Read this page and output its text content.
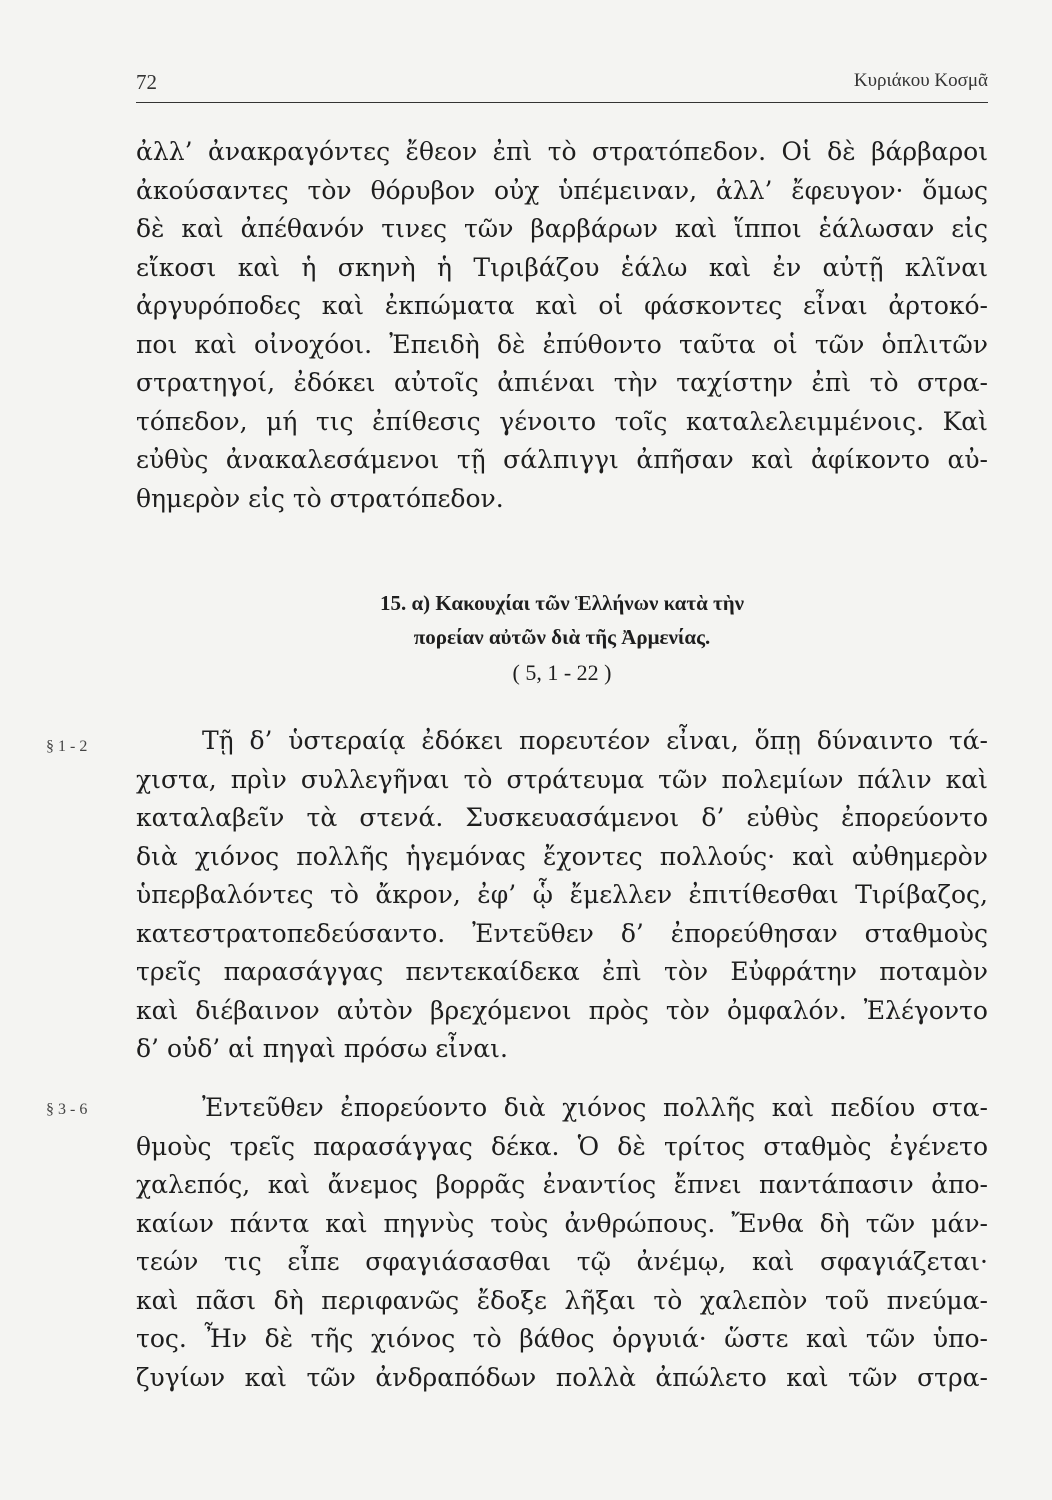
72	Κυριάκου Κοσμᾶ
ἀλλ’ ἀνακραγόντες ἔθεον ἐπὶ τὸ στρατόπεδον. Οἱ δὲ βάρβαροι
ἀκούσαντες τὸν θόρυβον οὐχ ὑπέμειναν, ἀλλ’ ἔφευγον· ὅμως
δὲ καὶ ἀπέθανόν τινες τῶν βαρβάρων καὶ ἵπποι ἑάλωσαν εἰς
εἴκοσι καὶ ἡ σκηνὴ ἡ Τιριβάζου ἑάλω καὶ ἐν αὐτῇ κλῖναι
ἀργυρόποδες καὶ ἐκπώματα καὶ οἱ φάσκοντες εἶναι ἀρτοκό-
ποι καὶ οἰνοχόοι. Ἐπειδὴ δὲ ἐπύθοντο ταῦτα οἱ τῶν ὁπλιτῶν
στρατηγοί, ἐδόκει αὐτοῖς ἀπιέναι τὴν ταχίστην ἐπὶ τὸ στρα-
τόπεδον, μή τις ἐπίθεσις γένοιτο τοῖς καταλελειμμένοις. Καὶ
εὐθὺς ἀνακαλεσάμενοι τῇ σάλπιγγι ἀπῆσαν καὶ ἀφίκοντο αὐ-
θημερὸν εἰς τὸ στρατόπεδον.
15. α) Κακουχίαι τῶν Ἑλλήνων κατὰ τὴν
πορείαν αὐτῶν διὰ τῆς Ἀρμενίας.
( 5, 1 - 22 )
§ 1 - 2	Τῇ δ’ ὑστεραίᾳ ἐδόκει πορευτέον εἶναι, ὅπῃ δύναιντο τά-
χιστα, πρὶν συλλεγῆναι τὸ στράτευμα τῶν πολεμίων πάλιν καὶ
καταλαβεῖν τὰ στενά. Συσκευασάμενοι δ’ εὐθὺς ἐπορεύοντο
διὰ χιόνος πολλῆς ἡγεμόνας ἔχοντες πολλούς· καὶ αὐθημερὸν
ὑπερβαλόντες τὸ ἄκρον, ἐφ’ ᾧ ἔμελλεν ἐπιτίθεσθαι Τιρίβαζος,
κατεστρατοπεδεύσαντο. Ἐντεῦθεν δ’ ἐπορεύθησαν σταθμοὺς
τρεῖς παρασάγγας πεντεκαίδεκα ἐπὶ τὸν Εὐφράτην ποταμὸν
καὶ διέβαινον αὐτὸν βρεχόμενοι πρὸς τὸν ὀμφαλόν. Ἐλέγοντο
δ’ οὐδ’ αἱ πηγαὶ πρόσω εἶναι.
§ 3 - 6	Ἐντεῦθεν ἐπορεύοντο διὰ χιόνος πολλῆς καὶ πεδίου στα-
θμοὺς τρεῖς παρασάγγας δέκα. Ὁ δὲ τρίτος σταθμὸς ἐγένετο
χαλεπός, καὶ ἄνεμος βορρᾶς ἐναντίος ἔπνει παντάπασιν ἀπο-
καίων πάντα καὶ πηγνὺς τοὺς ἀνθρώπους. Ἔνθα δὴ τῶν μάν-
τεών τις εἶπε σφαγιάσασθαι τῷ ἀνέμῳ, καὶ σφαγιάζεται·
καὶ πᾶσι δὴ περιφανῶς ἔδοξε λῆξαι τὸ χαλεπὸν τοῦ πνεύμα-
τος. Ἦν δὲ τῆς χιόνος τὸ βάθος ὀργυιά· ὥστε καὶ τῶν ὑπο-
ζυγίων καὶ τῶν ἀνδραπόδων πολλὰ ἀπώλετο καὶ τῶν στρα-
